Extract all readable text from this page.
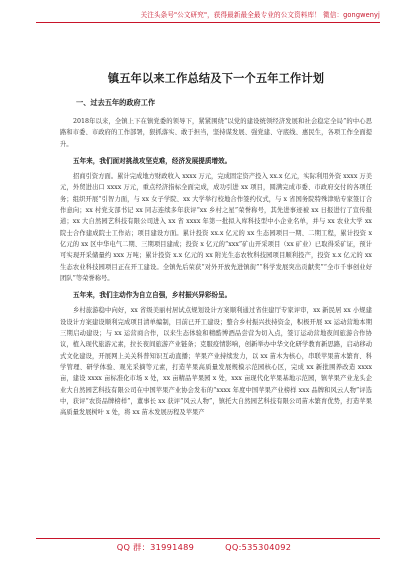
关注头条号"公文研究"，获得最新最全最专业的公文资料库！ 微信：gongwenyj
镇五年以来工作总结及下一个五年工作计划
一、过去五年的政府工作

2018年以来，全镇上下在镇党委的领导下，紧紧围绕“以党的建设统领经济发展和社会稳定全局”的中心思路和市委、市政府的工作部署，狠抓落实、敢于担当，坚持谋发展、强党建、守底线、惠民生，各项工作全面提升。

五年来，我们面对挑战攻坚克难，经济发展提质增效。

招商引资方面。累计完成地方财政收入 xxxx 万元，完成固定资产投入 xx.x 亿元，实际利用外资 xxxx 万美元，外贸进出口 xxxx 万元，重点经济指标全面完成，成功引进 xx 项目，圆满完成市委、市政府交付的各项任务；组织开展“引智力面，与 xx 女子学院、xx 大学举行校地合作签约仪式，与 x 省国务院特殊津贴专家签订合作意向；xx 村党支部书记 xx 同志连续多年获评“xx 乡村之星”荣誉称号，其先进事迹被 xx 日报进行了宣传报道；xx 大自然园艺科技有限公司进入 xx 省 xxxx 年第一批拟入库科技型中小企业名单，并与 xx 农业大学 xx 院士合作建成院士工作站；项目建设方面。累计投资 xx.x 亿元的 xx 生态园项目一期、二期工程，累计投资 x 亿元的 xx 区中华电气二期、三期项目建成；投资 x 亿元的“xxx”矿山开采项目（xx 矿业）已取得采矿证，预计可实现开采储量约 xxx 万吨；累计投资 x.x 亿元的 xx 附光生态农牧科技园项目顺利投产，投资 x.x 亿元的 xx 生态农业科技园项目正在开工建设。全镇先后荣获“对外开放先进镇街”“科学发展突出贡献奖”“全市千事创业好团队”等荣誉称号。

五年来，我们主动作为自立自强，乡村振兴异彩纷呈。

乡村旅游稳中向好，xx 省级美丽村居试点规划设计方案顺利通过省住建厅专家评审，xx 新民居 xx 小规建设设计方案建设顺利完成项目清单编制，目前已开工建设；整合乡村振兴扶持资金，积极开展 xx 运动营地本期三期启动建设；与 xx 运营商合作，以来生态体验和精酷博酒品尝营为切入点，签订运动营地夜间旅游合作协议，植入现代旅游元素，拉长夜间旅游产业链条；克服疫情影响，创新举办中华文化研学教育新思路，启动移动式文化建设，开展网上关关科普知识互动直播；苹果产业持续发力，以 xx 苗木为核心，串联苹果苗木繁育、科学管理、研学体验、观光采摘等元素，打造苹果高质量发展规模示范园核心区，完成 xx 新批围养改造 xxxx 亩，建设 xxxx 亩标准化市场 x 处，xx 亩精品苹果园 x 处，xxx 亩现代化苹果基地示范园，镇苹果产业龙头企业大自然园艺科技有限公司在中国苹果产业协会发布的“xxxx 年度中国苹果产业榜样 xxx 品牌和风云人物”评选中，获评“农资品牌榜样”，董事长 xx 获评“风云人物”，镇托大自然园艺科技有限公司苗木繁育优势，打造苹果高质量发展树叶 x 处，将 xx 苗木发展历程及苹果产

QQ 群：31991489	QQ:535304092
